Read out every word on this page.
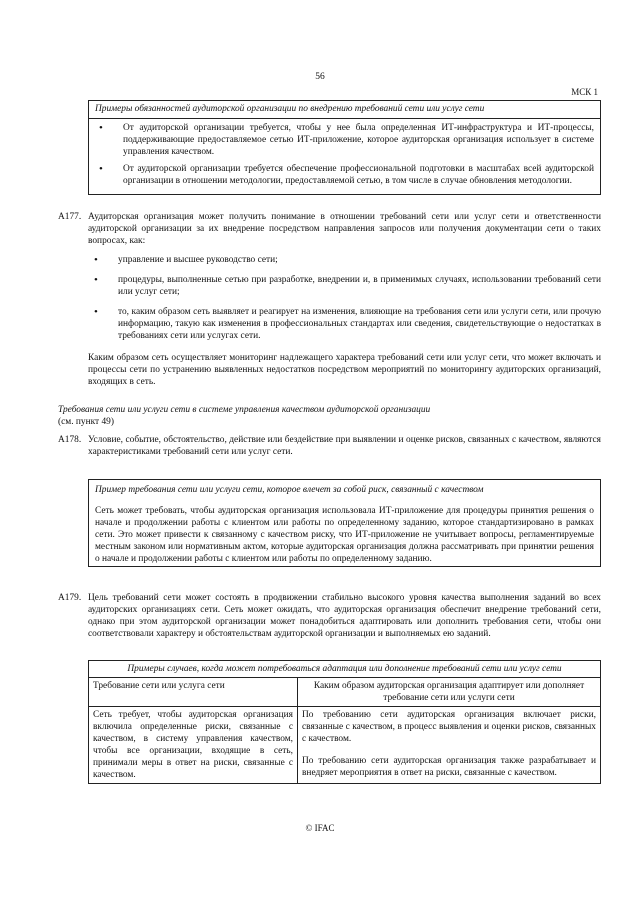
56
МСК 1
Примеры обязанностей аудиторской организации по внедрению требований сети или услуг сети
• От аудиторской организации требуется, чтобы у нее была определенная ИТ-инфраструктура и ИТ-процессы, поддерживающие предоставляемое сетью ИТ-приложение, которое аудиторская организация использует в системе управления качеством.
• От аудиторской организации требуется обеспечение профессиональной подготовки в масштабах всей аудиторской организации в отношении методологии, предоставляемой сетью, в том числе в случае обновления методологии.
А177. Аудиторская организация может получить понимание в отношении требований сети или услуг сети и ответственности аудиторской организации за их внедрение посредством направления запросов или получения документации сети о таких вопросах, как:
• управление и высшее руководство сети;
• процедуры, выполненные сетью при разработке, внедрении и, в применимых случаях, использовании требований сети или услуг сети;
• то, каким образом сеть выявляет и реагирует на изменения, влияющие на требования сети или услуги сети, или прочую информацию, такую как изменения в профессиональных стандартах или сведения, свидетельствующие о недостатках в требованиях сети или услугах сети.
Каким образом сеть осуществляет мониторинг надлежащего характера требований сети или услуг сети, что может включать и процессы сети по устранению выявленных недостатков посредством мероприятий по мониторингу аудиторских организаций, входящих в сеть.
Требования сети или услуги сети в системе управления качеством аудиторской организации
(см. пункт 49)
А178. Условие, событие, обстоятельство, действие или бездействие при выявлении и оценке рисков, связанных с качеством, являются характеристиками требований сети или услуг сети.
Пример требования сети или услуги сети, которое влечет за собой риск, связанный с качеством
Сеть может требовать, чтобы аудиторская организация использовала ИТ-приложение для процедуры принятия решения о начале и продолжении работы с клиентом или работы по определенному заданию, которое стандартизировано в рамках сети. Это может привести к связанному с качеством риску, что ИТ-приложение не учитывает вопросы, регламентируемые местным законом или нормативным актом, которые аудиторская организация должна рассматривать при принятии решения о начале и продолжении работы с клиентом или работы по определенному заданию.
А179. Цель требований сети может состоять в продвижении стабильно высокого уровня качества выполнения заданий во всех аудиторских организациях сети. Сеть может ожидать, что аудиторская организация обеспечит внедрение требований сети, однако при этом аудиторской организации может понадобиться адаптировать или дополнить требования сети, чтобы они соответствовали характеру и обстоятельствам аудиторской организации и выполняемых ею заданий.
Примеры случаев, когда может потребоваться адаптация или дополнение требований сети или услуг сети
Требование сети или услуга сети	Каким образом аудиторская организация адаптирует или дополняет требование сети или услуги сети
Сеть требует, чтобы аудиторская организация включила определенные риски, связанные с качеством, в систему управления качеством, чтобы все организации, входящие в сеть, принимали меры в ответ на риски, связанные с качеством.
По требованию сети аудиторская организация включает риски, связанные с качеством, в процесс выявления и оценки рисков, связанных с качеством.
По требованию сети аудиторская организация также разрабатывает и внедряет мероприятия в ответ на риски, связанные с качеством.
© IFAC
